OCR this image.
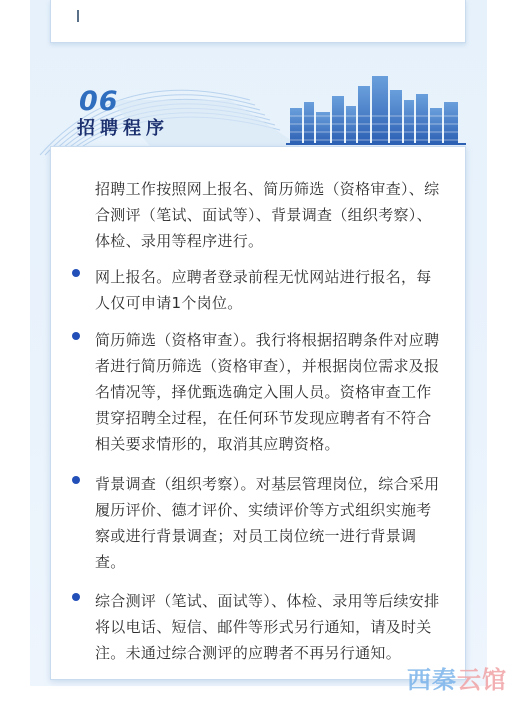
06
招聘程序

招聘工作按照网上报名、简历筛选（资格审查）、综合测评（笔试、面试等）、背景调查（组织考察）、体检、录用等程序进行。

网上报名。应聘者登录前程无忧网站进行报名，每人仅可申请1个岗位。

简历筛选（资格审查）。我行将根据招聘条件对应聘者进行简历筛选（资格审查），并根据岗位需求及报名情况等，择优甄选确定入围人员。资格审查工作贯穿招聘全过程，在任何环节发现应聘者有不符合相关要求情形的，取消其应聘资格。

背景调查（组织考察）。对基层管理岗位，综合采用履历评价、德才评价、实绩评价等方式组织实施考察或进行背景调查；对员工岗位统一进行背景调查。

综合测评（笔试、面试等）、体检、录用等后续安排将以电话、短信、邮件等形式另行通知，请及时关注。未通过综合测评的应聘者不再另行通知。

西秦云馆
